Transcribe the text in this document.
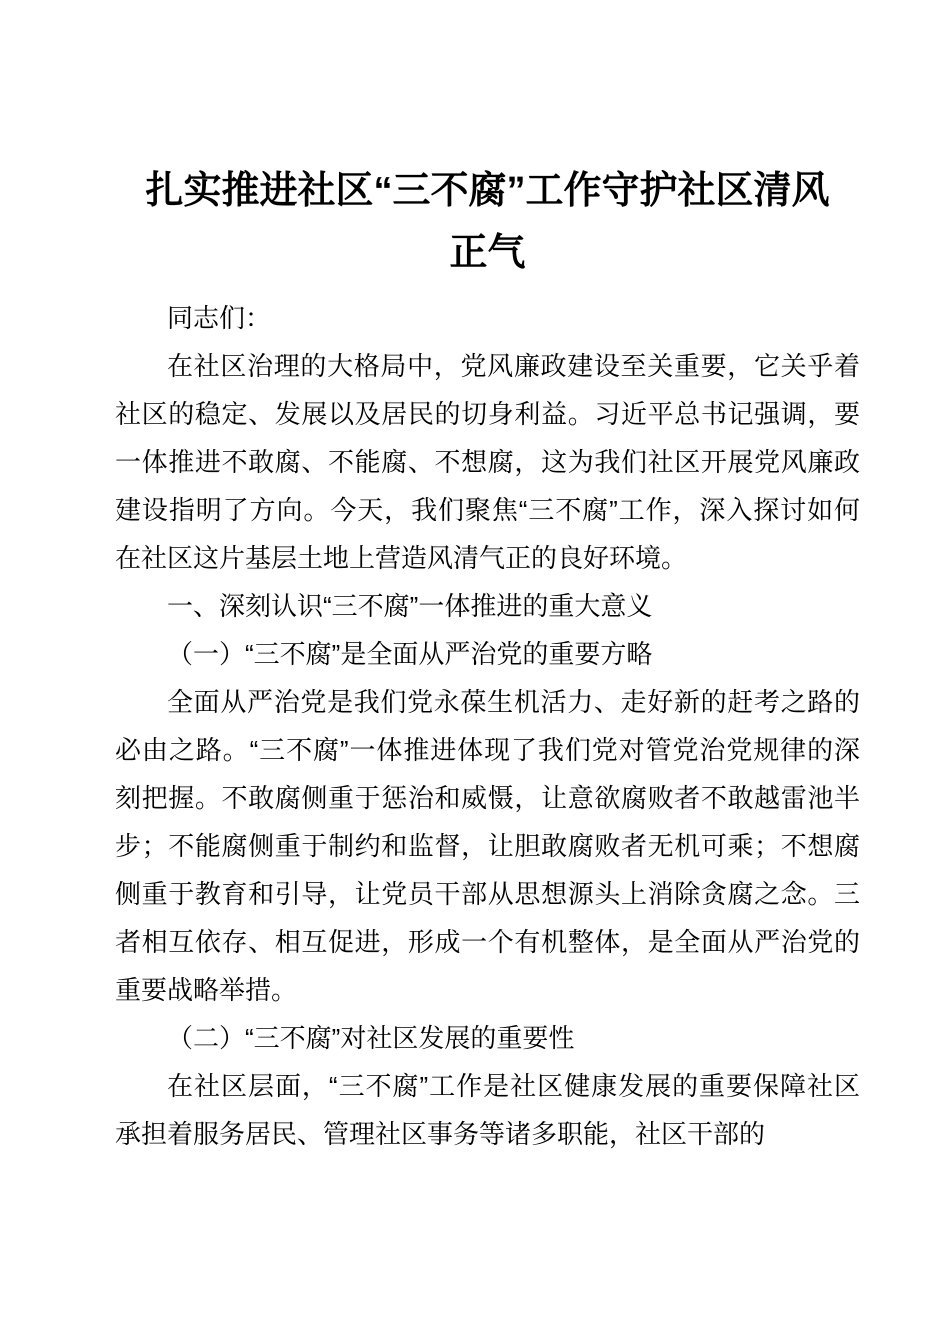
扎实推进社区“三不腐”工作守护社区清风正气

同志们：

在社区治理的大格局中，党风廉政建设至关重要，它关乎着社区的稳定、发展以及居民的切身利益。习近平总书记强调，要一体推进不敢腐、不能腐、不想腐，这为我们社区开展党风廉政建设指明了方向。今天，我们聚焦“三不腐”工作，深入探讨如何在社区这片基层土地上营造风清气正的良好环境。

一、深刻认识“三不腐”一体推进的重大意义

（一）“三不腐”是全面从严治党的重要方略

全面从严治党是我们党永葆生机活力、走好新的赶考之路的必由之路。“三不腐”一体推进体现了我们党对管党治党规律的深刻把握。不敢腐侧重于惩治和威慑，让意欲腐败者不敢越雷池半步；不能腐侧重于制约和监督，让胆敢腐败者无机可乘；不想腐侧重于教育和引导，让党员干部从思想源头上消除贪腐之念。三者相互依存、相互促进，形成一个有机整体，是全面从严治党的重要战略举措。

（二）“三不腐”对社区发展的重要性

在社区层面，“三不腐”工作是社区健康发展的重要保障社区承担着服务居民、管理社区事务等诸多职能，社区干部的
